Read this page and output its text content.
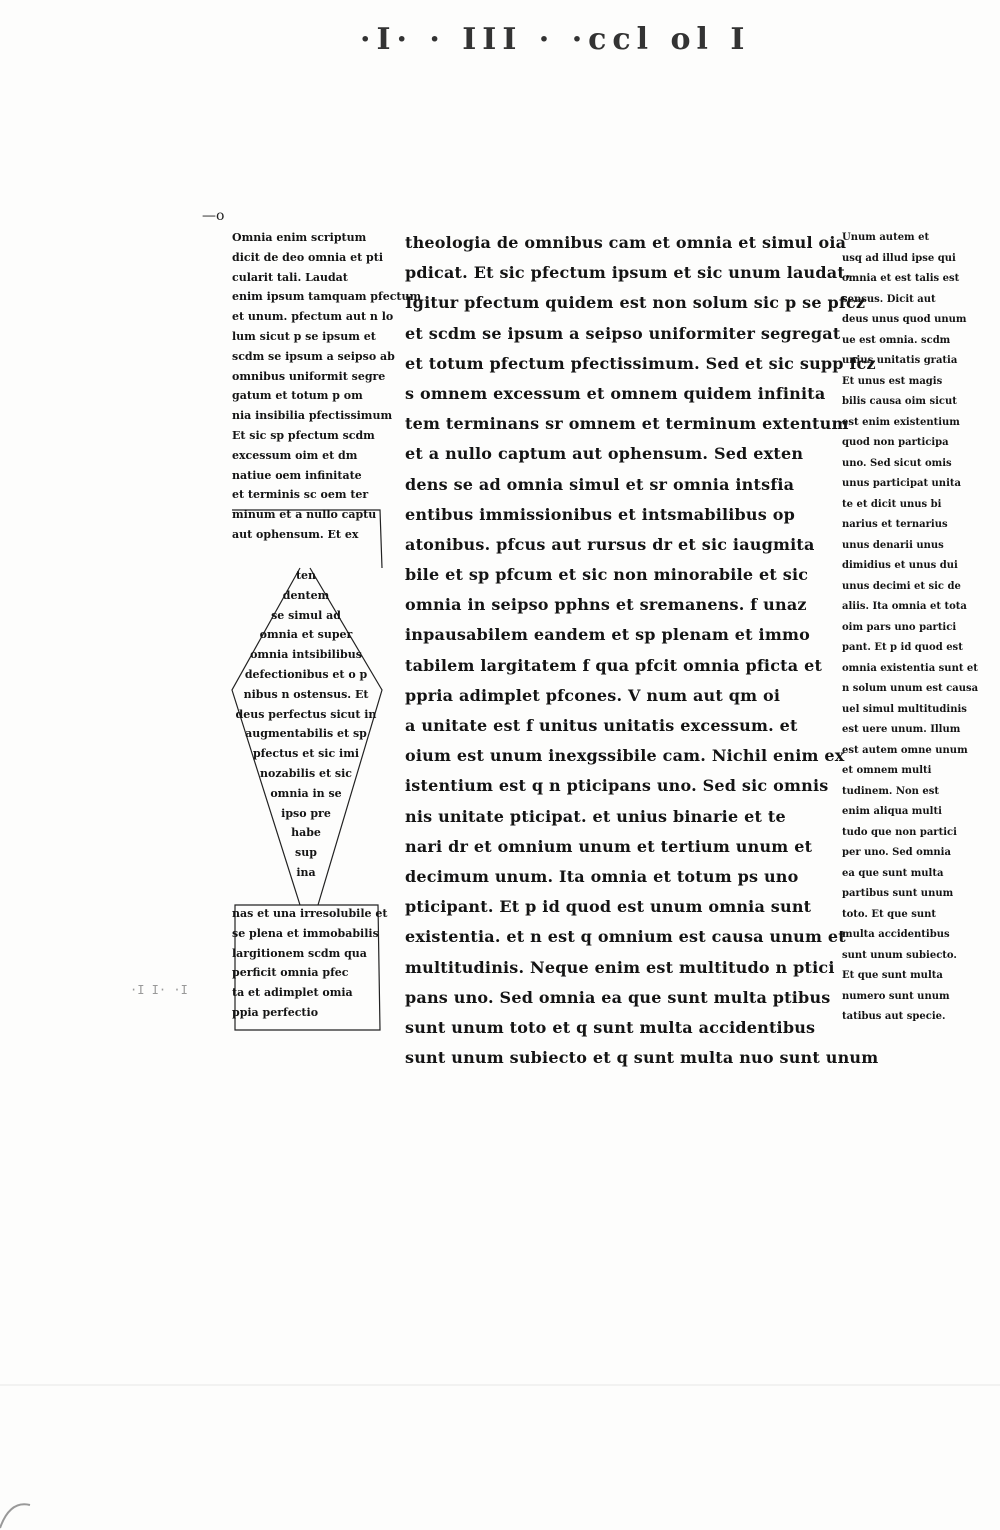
·I· · III · ·ccl ol I
—o
·I I· ·I
Omnia enim scriptum
dicit de deo omnia et pti
cularit tali. Laudat
enim ipsum tamquam pfectum
et unum. pfectum aut n lo
lum sicut p se ipsum et
scdm se ipsum a seipso ab
omnibus uniformit segre
gatum et totum p om
nia insibilia pfectissimum
Et sic sp pfectum scdm
excessum oim et dm
natiue oem infinitate
et terminis sc oem ter
minum et a nullo captu
aut ophensum. Et ex
ten
dentem
se simul ad
omnia et super
omnia intsibilibus
defectionibus et o p
nibus n ostensus. Et
deus perfectus sicut in
augmentabilis et sp
pfectus et sic imi
nozabilis et sic
omnia in se
ipso pre
habe
sup
ina
nas et una irresolubile et
se plena et immobabilis
largitionem scdm qua
perficit omnia pfec
ta et adimplet omia
ppia perfectio
theologia de omnibus cam et omnia et simul oia
pdicat. Et sic pfectum ipsum et sic unum laudat.
Igitur pfectum quidem est non solum sic p se pfcz
et scdm se ipsum a seipso uniformiter segregat
et totum pfectum pfectissimum. Sed et sic supp fcz
s omnem excessum et omnem quidem infinita
tem terminans sr omnem et terminum extentum
et a nullo captum aut ophensum. Sed exten
dens se ad omnia simul et sr omnia intsfia
entibus immissionibus et intsmabilibus op
atonibus. pfcus aut rursus dr et sic iaugmita
bile et sp pfcum et sic non minorabile et sic
omnia in seipso pphns et sremanens. f unaz
inpausabilem eandem et sp plenam et immo
tabilem largitatem f qua pfcit omnia pficta et
ppria adimplet pfcones. V num aut qm oi
a unitate est f unitus unitatis excessum. et
oium est unum inexgssibile cam. Nichil enim ex
istentium est q n pticipans uno. Sed sic omnis
nis unitate pticipat. et unius binarie et te
nari dr et omnium unum et tertium unum et
decimum unum. Ita omnia et totum ps uno
pticipant. Et p id quod est unum omnia sunt
existentia. et n est q omnium est causa unum et
multitudinis. Neque enim est multitudo n ptici
pans uno. Sed omnia ea que sunt multa ptibus
sunt unum toto et q sunt multa accidentibus
sunt unum subiecto et q sunt multa nuo sunt unum
Unum autem et
usq ad illud ipse qui
omnia et est talis est
sensus. Dicit aut
deus unus quod unum
ue est omnia. scdm
unius unitatis gratia
Et unus est magis
bilis causa oim sicut
est enim existentium
quod non participa
uno. Sed sicut omis
unus participat unita
te et dicit unus bi
narius et ternarius
unus denarii unus
dimidius et unus dui
unus decimi et sic de
aliis. Ita omnia et tota
oim pars uno partici
pant. Et p id quod est
omnia existentia sunt et
n solum unum est causa
uel simul multitudinis
est uere unum. Illum
est autem omne unum
et omnem multi
tudinem. Non est
enim aliqua multi
tudo que non partici
per uno. Sed omnia
ea que sunt multa
partibus sunt unum
toto. Et que sunt
multa accidentibus
sunt unum subiecto.
Et que sunt multa
numero sunt unum
tatibus aut specie.
